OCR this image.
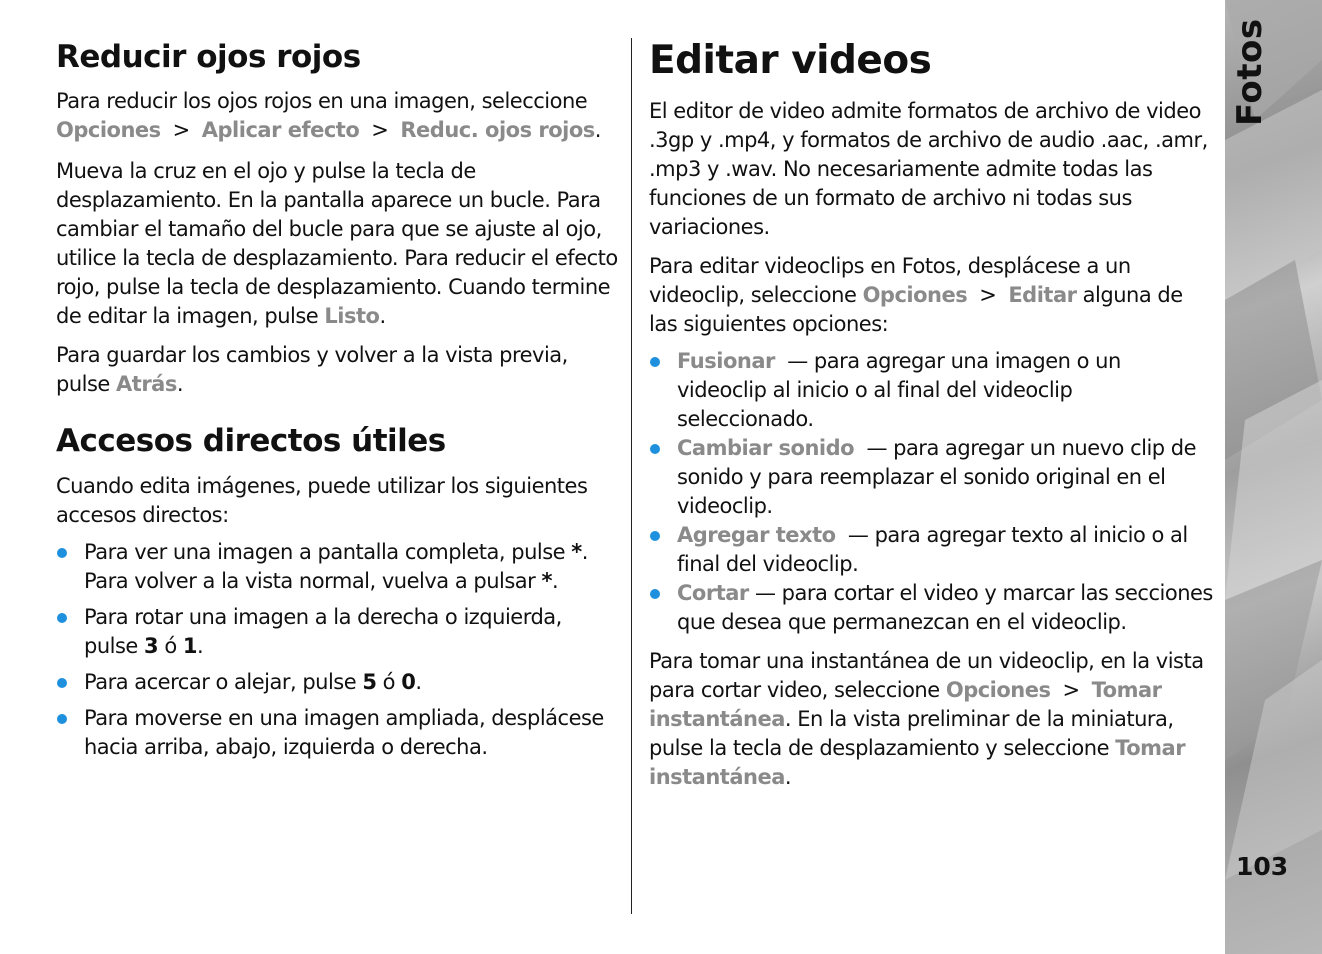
Reducir ojos rojos

Para reducir los ojos rojos en una imagen, seleccione
Opciones > Aplicar efecto > Reduc. ojos rojos.

Mueva la cruz en el ojo y pulse la tecla de desplazamiento. En la pantalla aparece un bucle. Para cambiar el tamaño del bucle para que se ajuste al ojo, utilice la tecla de desplazamiento. Para reducir el efecto rojo, pulse la tecla de desplazamiento. Cuando termine de editar la imagen, pulse Listo.

Para guardar los cambios y volver a la vista previa, pulse Atrás.

Accesos directos útiles

Cuando edita imágenes, puede utilizar los siguientes accesos directos:

Para ver una imagen a pantalla completa, pulse *. Para volver a la vista normal, vuelva a pulsar *.
Para rotar una imagen a la derecha o izquierda, pulse 3 ó 1.
Para acercar o alejar, pulse 5 ó 0.
Para moverse en una imagen ampliada, desplácese hacia arriba, abajo, izquierda o derecha.
Editar videos

El editor de video admite formatos de archivo de video .3gp y .mp4, y formatos de archivo de audio .aac, .amr, .mp3 y .wav. No necesariamente admite todas las funciones de un formato de archivo ni todas sus variaciones.

Para editar videoclips en Fotos, desplácese a un videoclip, seleccione Opciones > Editar alguna de las siguientes opciones:

Fusionar — para agregar una imagen o un videoclip al inicio o al final del videoclip seleccionado.
Cambiar sonido — para agregar un nuevo clip de sonido y para reemplazar el sonido original en el videoclip.
Agregar texto — para agregar texto al inicio o al final del videoclip.
Cortar — para cortar el video y marcar las secciones que desea que permanezcan en el videoclip.

Para tomar una instantánea de un videoclip, en la vista para cortar video, seleccione Opciones > Tomar instantánea. En la vista preliminar de la miniatura, pulse la tecla de desplazamiento y seleccione Tomar instantánea.

Fotos
103
